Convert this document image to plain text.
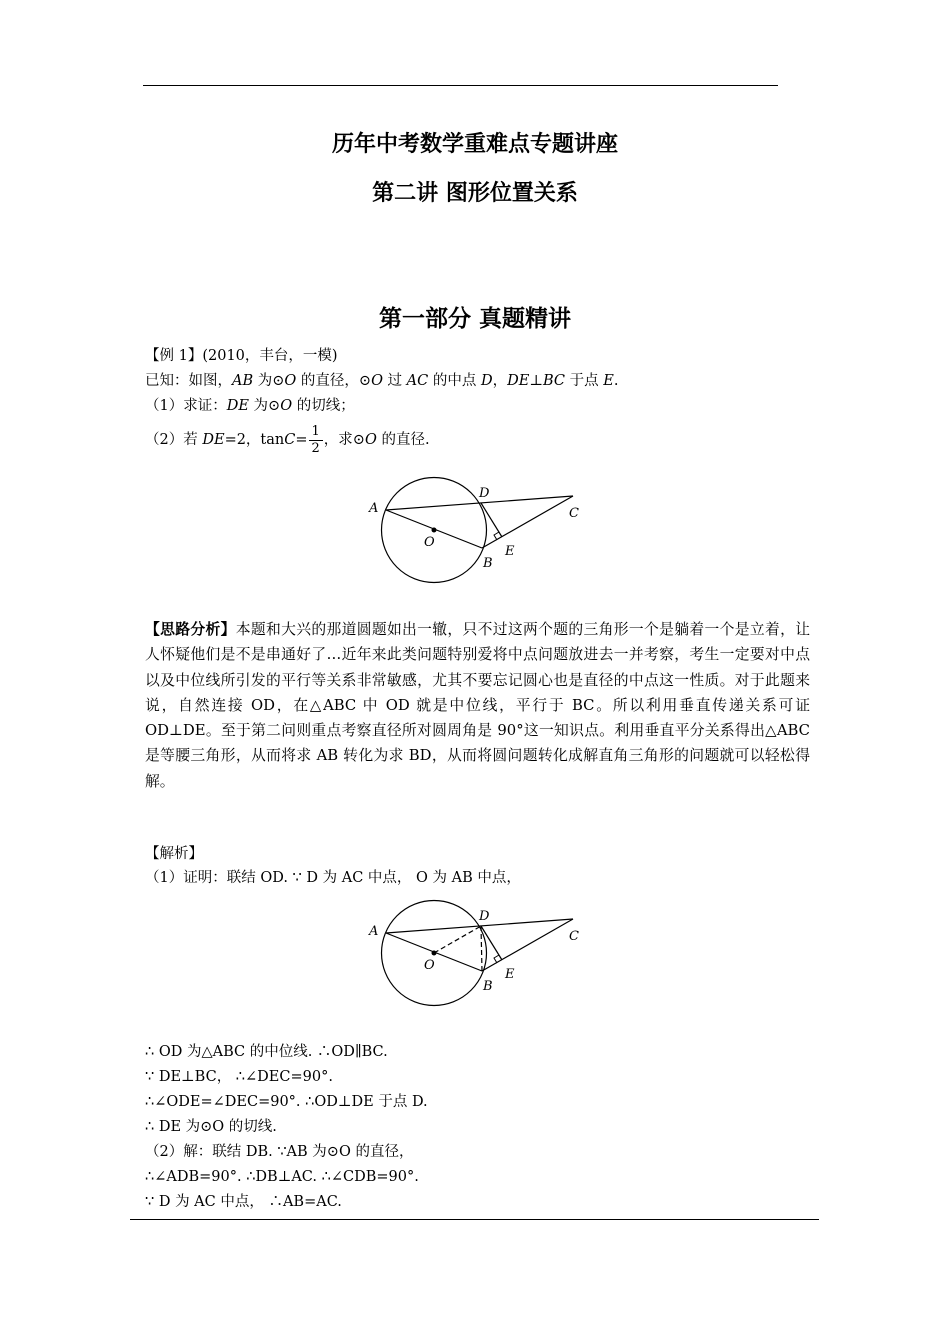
历年中考数学重难点专题讲座
第二讲 图形位置关系
第一部分 真题精讲
【例 1】(2010，丰台，一模)
已知：如图，AB 为⊙O 的直径，⊙O 过 AC 的中点 D，DE⊥BC 于点 E.
（1）求证：DE 为⊙O 的切线；
（2）若 DE=2，$\tan C= \frac{1}{2}$ ，求⊙O 的直径.
A
D
C
O
E
B
【思路分析】本题和大兴的那道圆题如出一辙，只不过这两个题的三角形一个是躺着一个是立着，让人怀疑他们是不是串通好了…近年来此类问题特别爱将中点问题放进去一并考察，考生一定要对中点以及中位线所引发的平行等关系非常敏感，尤其不要忘记圆心也是直径的中点这一性质。对于此题来说，自然连接 OD，在△ABC 中 OD 就是中位线，平行于 BC。所以利用垂直传递关系可证 OD⊥DE。至于第二问则重点考察直径所对圆周角是 90°这一知识点。利用垂直平分关系得出△ABC 是等腰三角形，从而将求 AB 转化为求 BD，从而将圆问题转化成解直角三角形的问题就可以轻松得解。
【解析】
（1）证明：联结 OD. ∵ D 为 AC 中点， O 为 AB 中点，
A
D
C
O
E
B
∴ OD 为△ABC 的中位线. ∴OD∥BC.
∵ DE⊥BC， ∴∠DEC=90°.
∴∠ODE=∠DEC=90°. ∴OD⊥DE 于点 D.
∴ DE 为⊙O 的切线.
（2）解：联结 DB. ∵AB 为⊙O 的直径，
∴∠ADB=90°. ∴DB⊥AC. ∴∠CDB=90°.
∵ D 为 AC 中点， ∴AB=AC.
